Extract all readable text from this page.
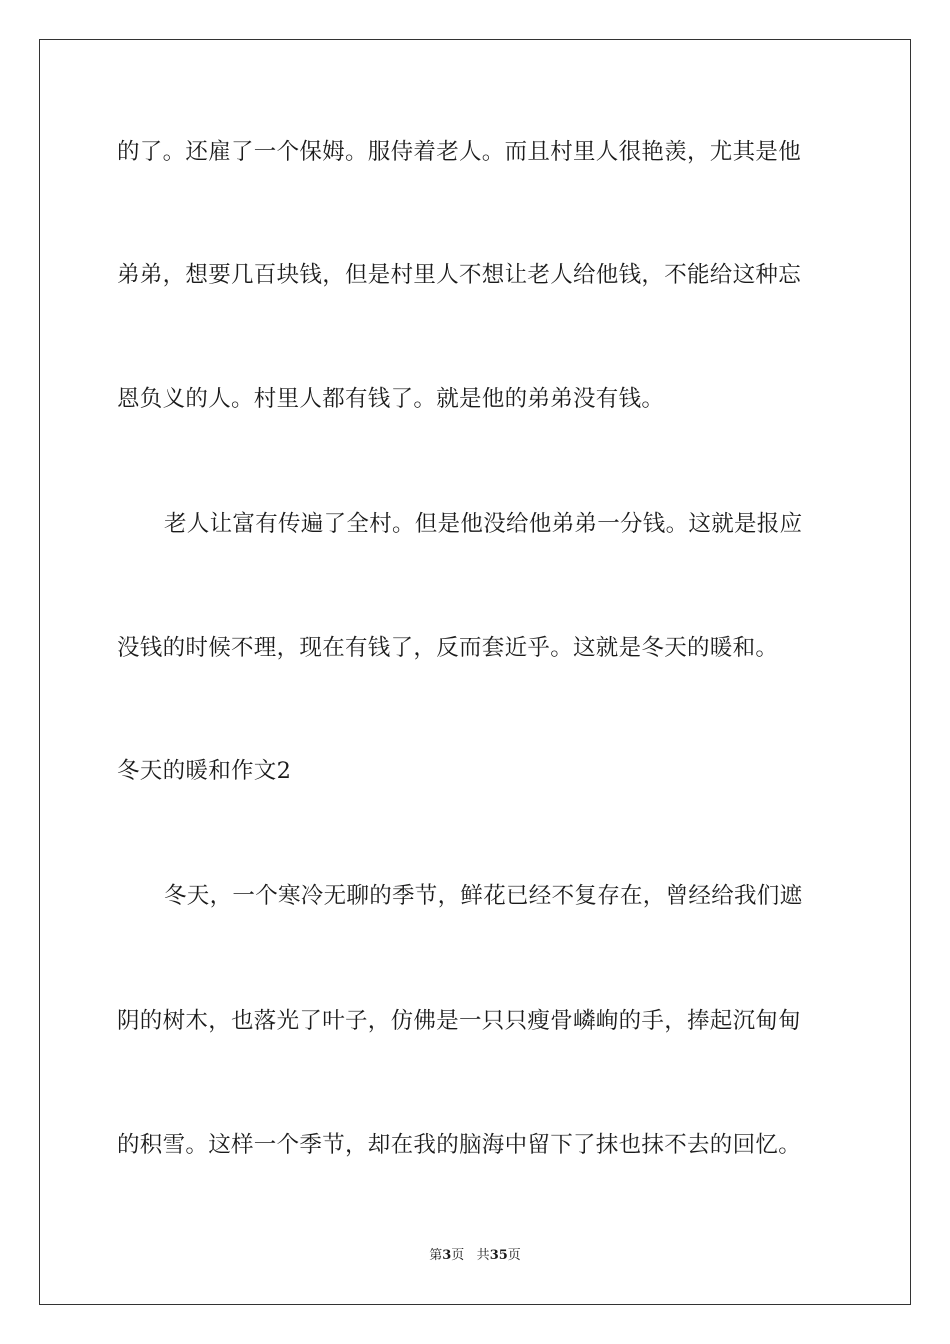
的了。还雇了一个保姆。服侍着老人。而且村里人很艳羡，尤其是他
弟弟，想要几百块钱，但是村里人不想让老人给他钱，不能给这种忘
恩负义的人。村里人都有钱了。就是他的弟弟没有钱。
老人让富有传遍了全村。但是他没给他弟弟一分钱。这就是报应
没钱的时候不理，现在有钱了，反而套近乎。这就是冬天的暖和。
冬天的暖和作文2
冬天，一个寒冷无聊的季节，鲜花已经不复存在，曾经给我们遮
阴的树木，也落光了叶子，仿佛是一只只瘦骨嶙峋的手，捧起沉甸甸
的积雪。这样一个季节，却在我的脑海中留下了抹也抹不去的回忆。
第3页 共35页
